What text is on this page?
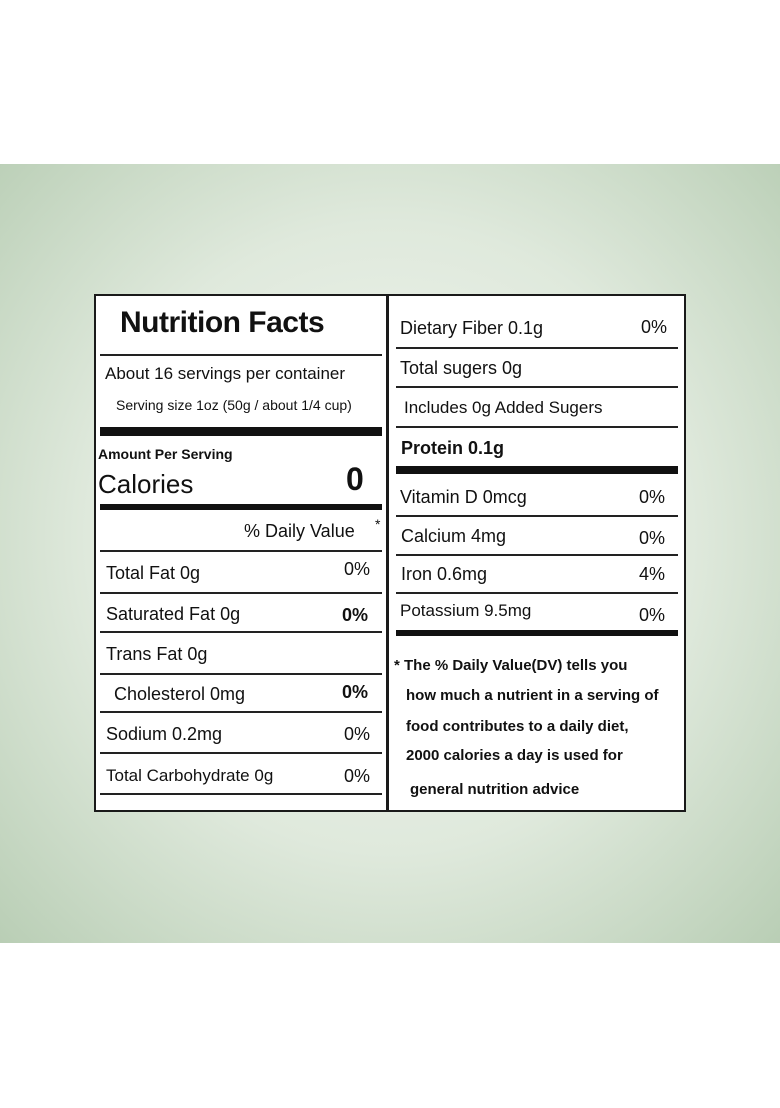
Nutrition Facts
About 16 servings per container
Serving size 1oz (50g / about 1/4 cup)
Amount Per Serving
Calories	0
% Daily Value *
Total Fat 0g	0%
Saturated Fat 0g	0%
Trans Fat 0g
Cholesterol 0mg	0%
Sodium 0.2mg	0%
Total Carbohydrate 0g	0%
Dietary Fiber 0.1g	0%
Total sugers 0g
Includes 0g Added Sugers
Protein 0.1g
Vitamin D 0mcg	0%
Calcium 4mg	0%
Iron 0.6mg	4%
Potassium 9.5mg	0%
* The % Daily Value(DV) tells you
how much a nutrient in a serving of
food contributes to a daily diet,
2000 calories a day is used for
general nutrition advice
